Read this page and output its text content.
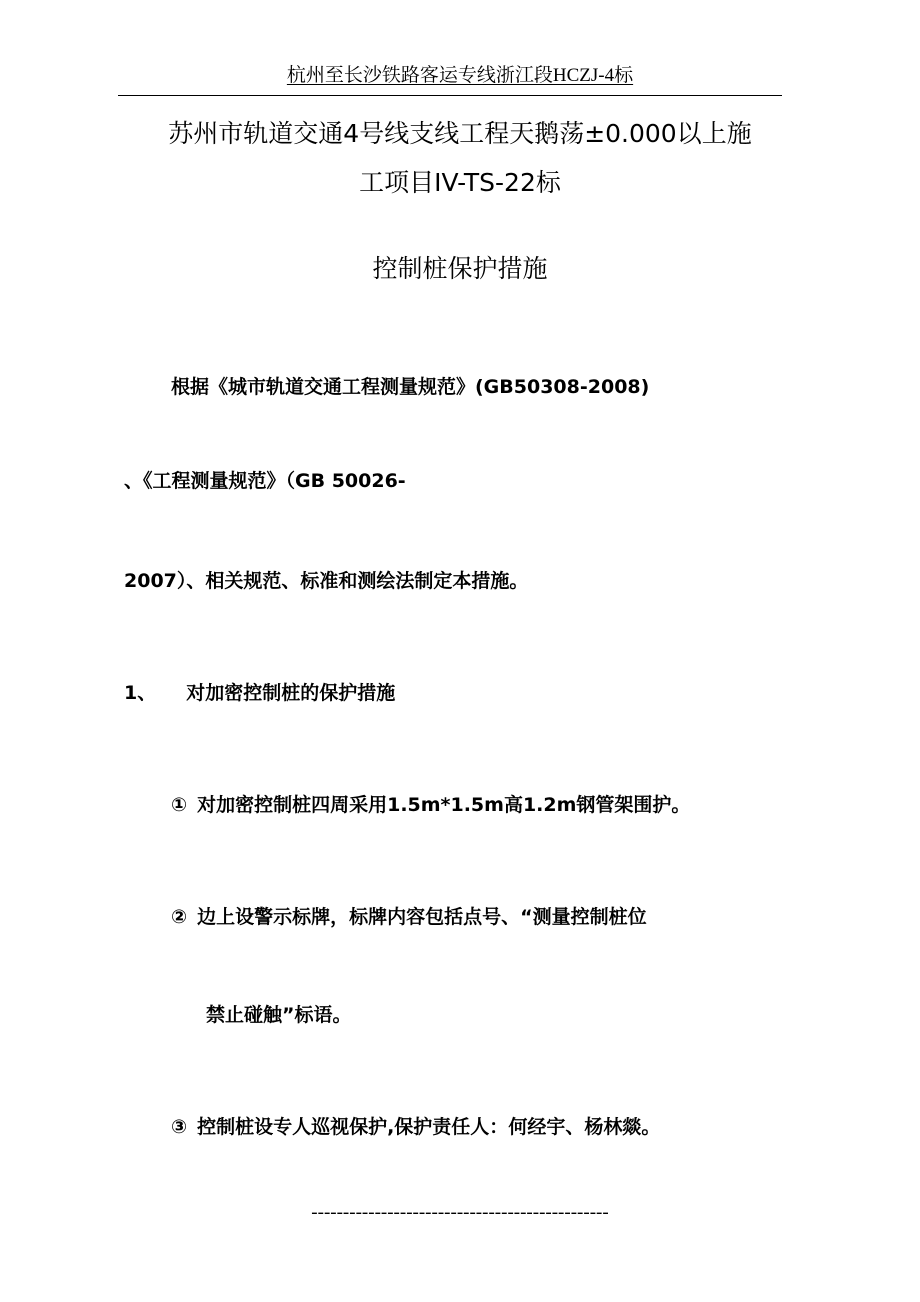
杭州至长沙铁路客运专线浙江段HCZJ-4标
苏州市轨道交通4号线支线工程天鹅荡±0.000以上施
工项目IV-TS-22标
控制桩保护措施
根据《城市轨道交通工程测量规范》(GB50308-2008)
、《工程测量规范》（GB 50026-
2007）、相关规范、标准和测绘法制定本措施。
1、 对加密控制桩的保护措施
① 对加密控制桩四周采用1.5m*1.5m高1.2m钢管架围护。
② 边上设警示标牌，标牌内容包括点号、“测量控制桩位
禁止碰触”标语。
③ 控制桩设专人巡视保护,保护责任人：何经宇、杨林燚。
-----------------------------------------------
